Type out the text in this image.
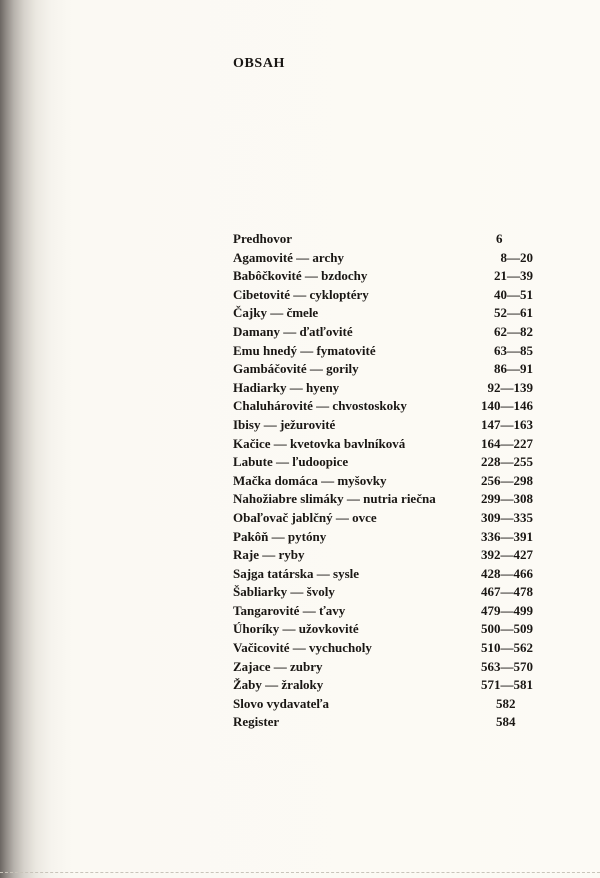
OBSAH
Predhovor	6
Agamovité — archy	8—20
Babôčkovité — bzdochy	21—39
Cibetovité — cykloptéry	40—51
Čajky — čmele	52—61
Damany — ďatľovité	62—82
Emu hnedý — fymatovité	63—85
Gambáčovité — gorily	86—91
Hadiarky — hyeny	92—139
Chaluhárovité — chvostoskoky	140—146
Ibisy — ježurovité	147—163
Kačice — kvetovka bavlníková	164—227
Labute — ľudoopice	228—255
Mačka domáca — myšovky	256—298
Nahožiabre slimáky — nutria riečna	299—308
Obaľovač jablčný — ovce	309—335
Pakôň — pytóny	336—391
Raje — ryby	392—427
Sajga tatárska — sysle	428—466
Šabliarky — švoly	467—478
Tangarovité — ťavy	479—499
Úhoríky — užovkovité	500—509
Vačicovité — vychucholy	510—562
Zajace — zubry	563—570
Žaby — žraloky	571—581
Slovo vydavateľa	582
Register	584
